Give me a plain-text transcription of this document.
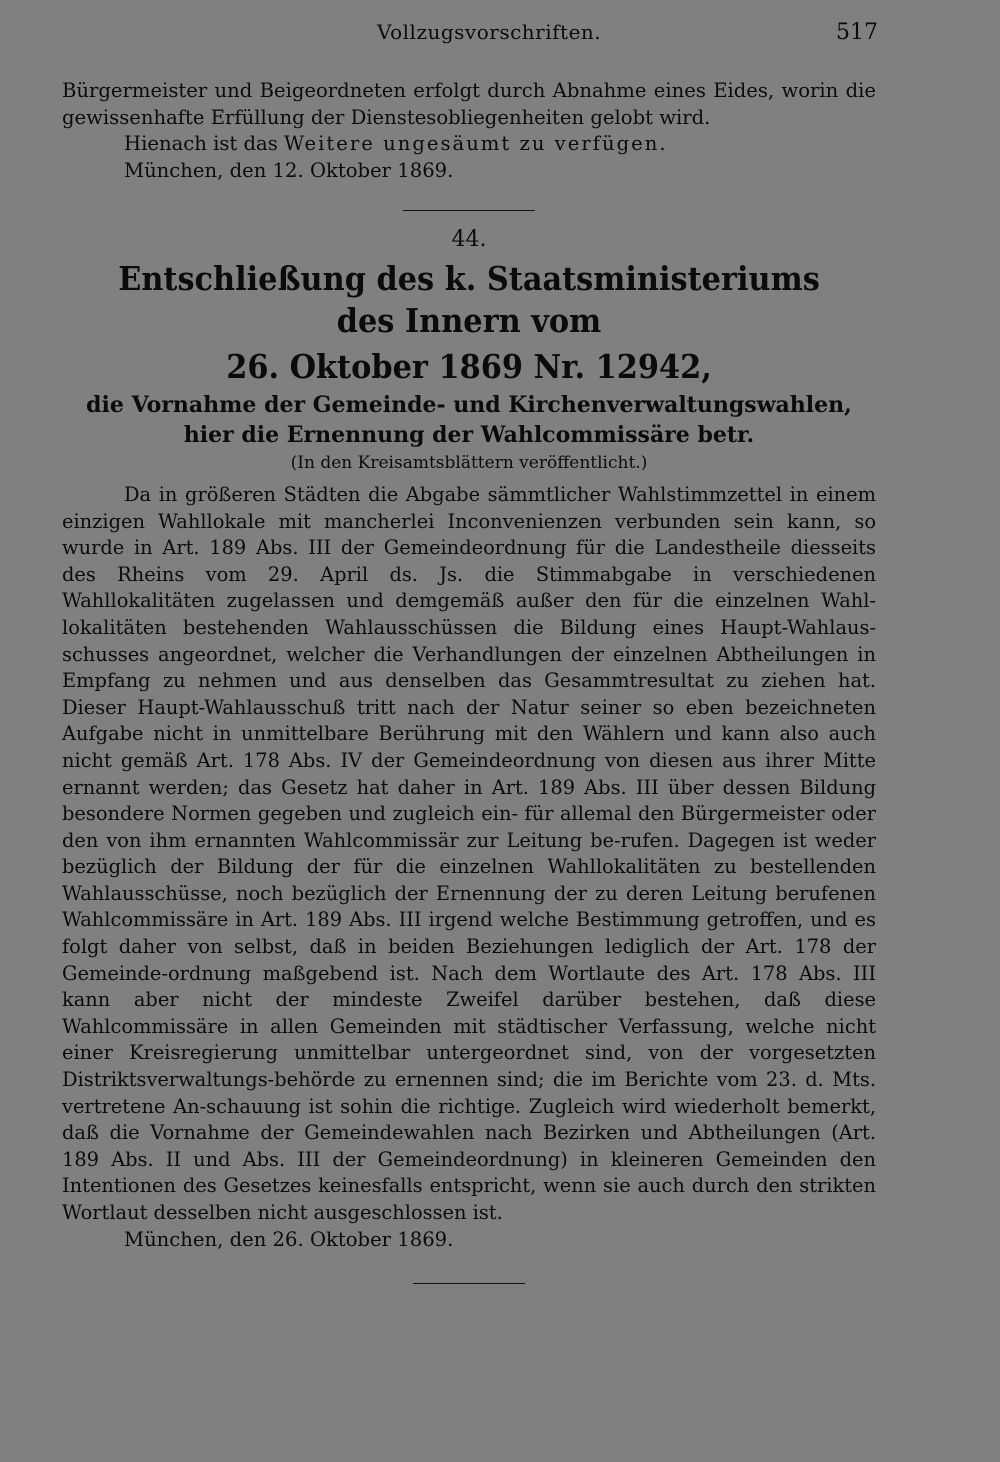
Vollzugsvorschriften.	517

Bürgermeister und Beigeordneten erfolgt durch Abnahme eines Eides, worin die gewissenhafte Erfüllung der Dienstesobliegenheiten gelobt wird.

Hienach ist das Weitere ungesäumt zu verfügen.

München, den 12. Oktober 1869.

44.
Entschließung des k. Staatsministeriums des Innern vom
26. Oktober 1869 Nr. 12942,
die Vornahme der Gemeinde- und Kirchenverwaltungswahlen, hier die Ernennung der Wahlcommissäre betr.
(In den Kreisamtsblättern veröffentlicht.)

Da in größeren Städten die Abgabe sämmtlicher Wahlstimmzettel in einem einzigen Wahllokale mit mancherlei Inconvenienzen verbunden sein kann, so wurde in Art. 189 Abs. III der Gemeindeordnung für die Landestheile diesseits des Rheins vom 29. April ds. Js. die Stimmabgabe in verschiedenen Wahllokalitäten zugelassen und demgemäß außer den für die einzelnen Wahl-lokalitäten bestehenden Wahlausschüssen die Bildung eines Haupt-Wahlaus-schusses angeordnet, welcher die Verhandlungen der einzelnen Abtheilungen in Empfang zu nehmen und aus denselben das Gesammtresultat zu ziehen hat. Dieser Haupt-Wahlausschuß tritt nach der Natur seiner so eben bezeichneten Aufgabe nicht in unmittelbare Berührung mit den Wählern und kann also auch nicht gemäß Art. 178 Abs. IV der Gemeindeordnung von diesen aus ihrer Mitte ernannt werden; das Gesetz hat daher in Art. 189 Abs. III über dessen Bildung besondere Normen gegeben und zugleich ein- für allemal den Bürgermeister oder den von ihm ernannten Wahlcommissär zur Leitung be-rufen. Dagegen ist weder bezüglich der Bildung der für die einzelnen Wahllokalitäten zu bestellenden Wahlausschüsse, noch bezüglich der Ernennung der zu deren Leitung berufenen Wahlcommissäre in Art. 189 Abs. III irgend welche Bestimmung getroffen, und es folgt daher von selbst, daß in beiden Beziehungen lediglich der Art. 178 der Gemeinde-ordnung maßgebend ist. Nach dem Wortlaute des Art. 178 Abs. III kann aber nicht der mindeste Zweifel darüber bestehen, daß diese Wahlcommissäre in allen Gemeinden mit städtischer Verfassung, welche nicht einer Kreisregierung unmittelbar untergeordnet sind, von der vorgesetzten Distriktsverwaltungs-behörde zu ernennen sind; die im Berichte vom 23. d. Mts. vertretene An-schauung ist sohin die richtige. Zugleich wird wiederholt bemerkt, daß die Vornahme der Gemeindewahlen nach Bezirken und Abtheilungen (Art. 189 Abs. II und Abs. III der Gemeindeordnung) in kleineren Gemeinden den Intentionen des Gesetzes keinesfalls entspricht, wenn sie auch durch den strikten Wortlaut desselben nicht ausgeschlossen ist.

München, den 26. Oktober 1869.
